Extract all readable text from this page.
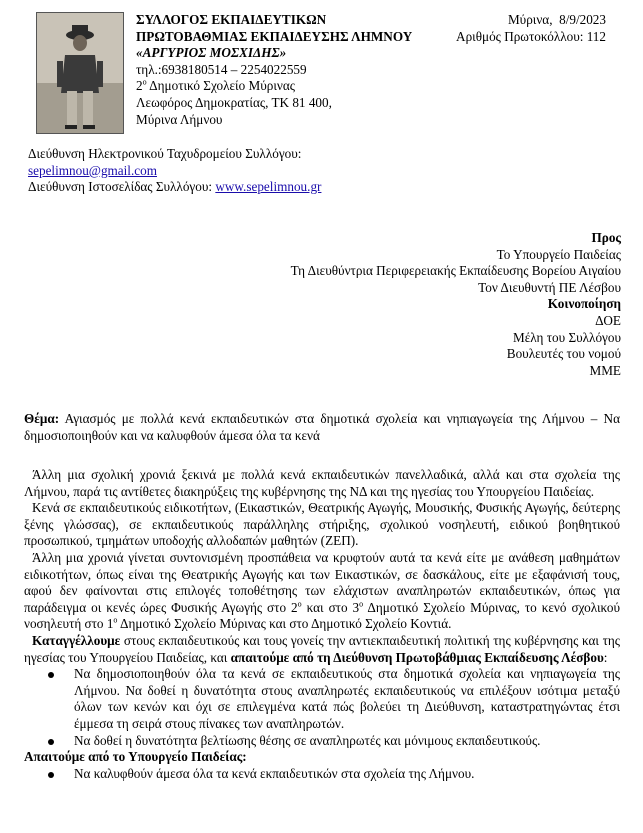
ΣΥΛΛΟΓΟΣ ΕΚΠΑΙΔΕΥΤΙΚΩΝ
ΠΡΩΤΟΒΑΘΜΙΑΣ ΕΚΠΑΙΔΕΥΣΗΣ ΛΗΜΝΟΥ
«ΑΡΓΥΡΙΟΣ ΜΟΣΧΙΔΗΣ»
τηλ.:6938180514 – 2254022559
$2^o$ Δημοτικό Σχολείο Μύρινας
Λεωφόρος Δημοκρατίας, ΤΚ 81 400,
Μύρινα Λήμνου
Μύρινα,  8/9/2023
Αριθμός Πρωτοκόλλου: 112
Διεύθυνση Ηλεκτρονικού Ταχυδρομείου Συλλόγου:
sepelimnou@gmail.com
Διεύθυνση Ιστοσελίδας Συλλόγου: www.sepelimnou.gr
Προς
Το Υπουργείο Παιδείας
Τη Διευθύντρια Περιφερειακής Εκπαίδευσης Βορείου Αιγαίου
Τον Διευθυντή ΠΕ Λέσβου
Κοινοποίηση
ΔΟΕ
Μέλη του Συλλόγου
Βουλευτές του νομού
ΜΜΕ
Θέμα: Αγιασμός με πολλά κενά εκπαιδευτικών στα δημοτικά σχολεία και νηπιαγωγεία της Λήμνου – Να δημοσιοποιηθούν και να καλυφθούν άμεσα όλα τα κενά

Άλλη μια σχολική χρονιά ξεκινά με πολλά κενά εκπαιδευτικών πανελλαδικά, αλλά και στα σχολεία της Λήμνου, παρά τις αντίθετες διακηρύξεις της κυβέρνησης της ΝΔ και της ηγεσίας του Υπουργείου Παιδείας.

Κενά σε εκπαιδευτικούς ειδικοτήτων, (Εικαστικών, Θεατρικής Αγωγής, Μουσικής, Φυσικής Αγωγής, δεύτερης ξένης γλώσσας), σε εκπαιδευτικούς παράλληλης στήριξης, σχολικού νοσηλευτή, ειδικού βοηθητικού προσωπικού, τμημάτων υποδοχής αλλοδαπών μαθητών (ΖΕΠ).

Άλλη μια χρονιά γίνεται συντονισμένη προσπάθεια να κρυφτούν αυτά τα κενά είτε με ανάθεση μαθημάτων ειδικοτήτων, όπως είναι της Θεατρικής Αγωγής και των Εικαστικών, σε δασκάλους, είτε με εξαφάνισή τους, αφού δεν φαίνονται στις επιλογές τοποθέτησης των ελάχιστων αναπληρωτών εκπαιδευτικών, όπως για παράδειγμα οι κενές ώρες Φυσικής Αγωγής στο $2^o$ και στο $3^o$ Δημοτικό Σχολείο Μύρινας, το κενό σχολικού νοσηλευτή στο $1^o$ Δημοτικό Σχολείο Μύρινας και στο Δημοτικό Σχολείο Κοντιά.

Καταγγέλλουμε στους εκπαιδευτικούς και τους γονείς την αντιεκπαιδευτική πολιτική της κυβέρνησης και της ηγεσίας του Υπουργείου Παιδείας, και απαιτούμε από τη Διεύθυνση Πρωτοβάθμιας Εκπαίδευσης Λέσβου:

Να δημοσιοποιηθούν όλα τα κενά σε εκπαιδευτικούς στα δημοτικά σχολεία και νηπιαγωγεία της Λήμνου. Να δοθεί η δυνατότητα στους αναπληρωτές εκπαιδευτικούς να επιλέξουν ισότιμα μεταξύ όλων των κενών και όχι σε επιλεγμένα κατά πώς βολεύει τη Διεύθυνση, καταστρατηγώντας έτσι έμμεσα τη σειρά στους πίνακες των αναπληρωτών.
Να δοθεί η δυνατότητα βελτίωσης θέσης σε αναπληρωτές και μόνιμους εκπαιδευτικούς.

Απαιτούμε από το Υπουργείο Παιδείας:

Να καλυφθούν άμεσα όλα τα κενά εκπαιδευτικών στα σχολεία της Λήμνου.
